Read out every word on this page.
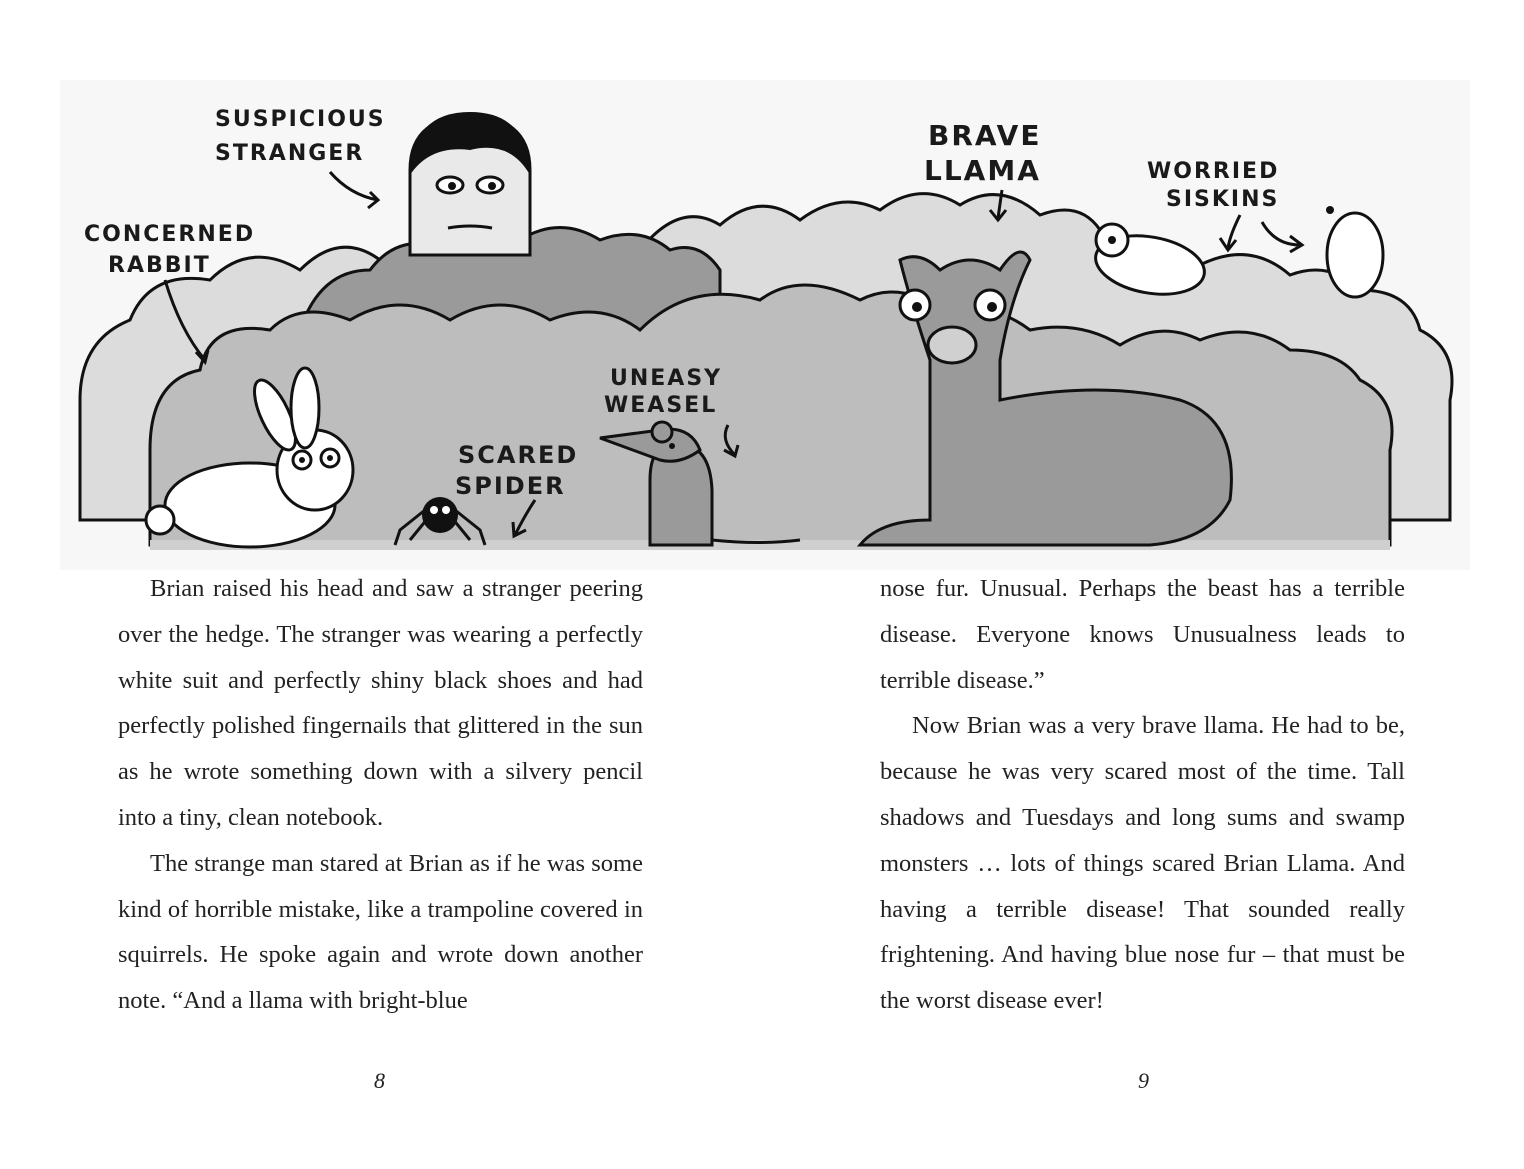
SUSPICIOUS
STRANGER
CONCERNED
RABBIT
UNEASY
WEASEL
SCARED
SPIDER
BRAVE
LLAMA	WORRIED
SISKINS

Brian raised his head and saw a stranger peering over the hedge. The stranger was wearing a perfectly white suit and perfectly shiny black shoes and had perfectly polished fingernails that glittered in the sun as he wrote something down with a silvery pencil into a tiny, clean notebook.

The strange man stared at Brian as if he was some kind of horrible mistake, like a trampoline covered in squirrels. He spoke again and wrote down another note. “And a llama with bright-blue

nose fur. Unusual. Perhaps the beast has a terrible disease. Everyone knows Unusualness leads to terrible disease.”

Now Brian was a very brave llama. He had to be, because he was very scared most of the time. Tall shadows and Tuesdays and long sums and swamp monsters … lots of things scared Brian Llama. And having a terrible disease! That sounded really frightening. And having blue nose fur – that must be the worst disease ever!

8	9
